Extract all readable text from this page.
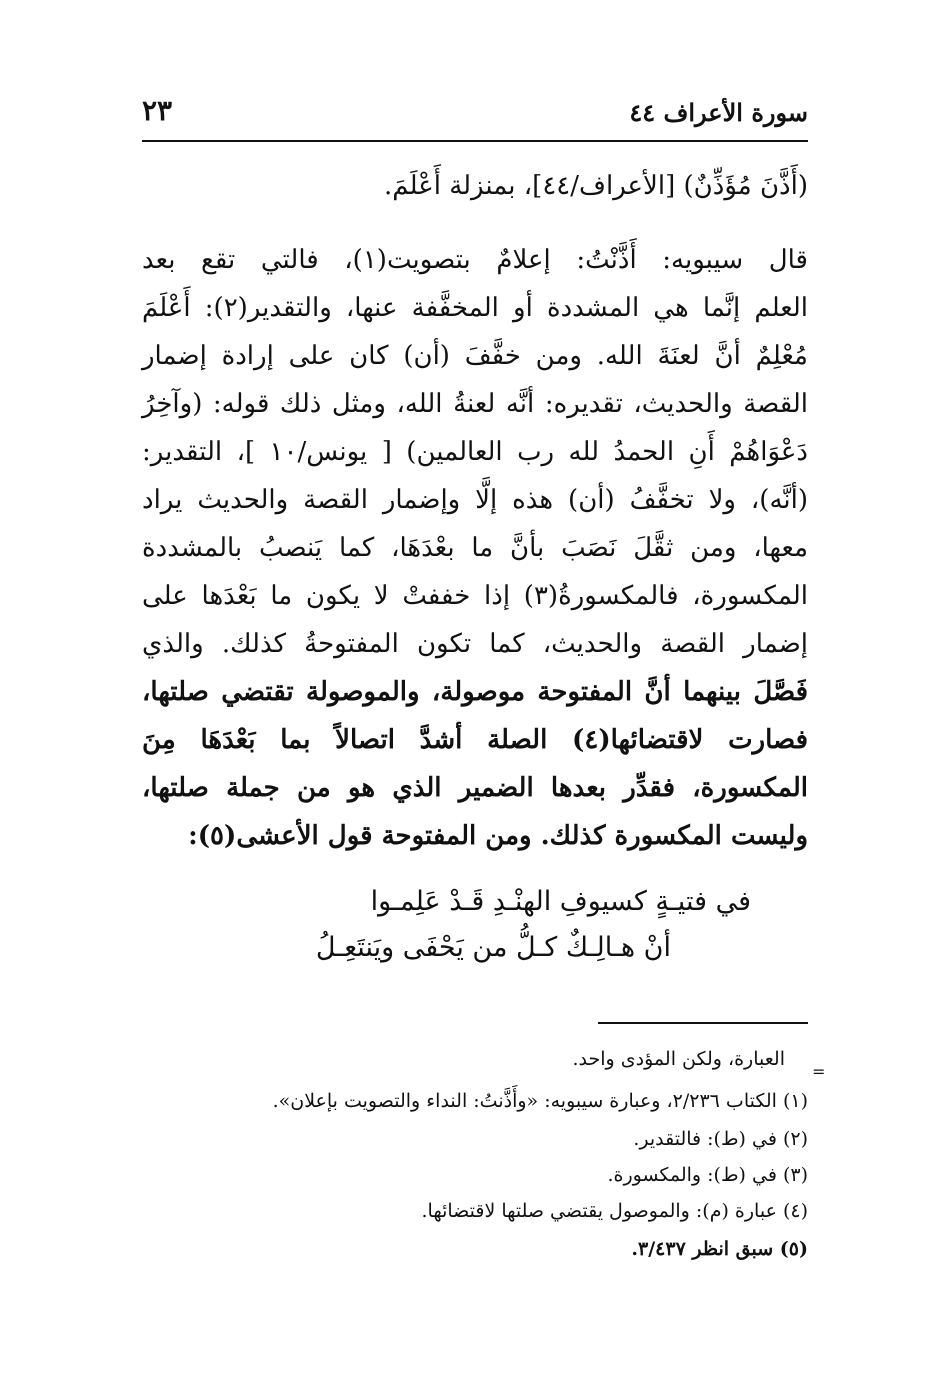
٢٣	سورة الأعراف ٤٤
(أَذَّنَ مُؤَذِّنٌ) [الأعراف/٤٤]، بمنزلة أَعْلَمَ.
قال سيبويه: أَذَّنْتُ: إعلامٌ بتصويت(١)، فالتي تقع بعد
العلم إنَّما هي المشددة أو المخفَّفة عنها، والتقدير(٢): أَعْلَمَ
مُعْلِمٌ أنَّ لعنَةَ الله. ومن خفَّفَ (أن) كان على إرادة إضمار
القصة والحديث، تقديره: أنَّه لعنةُ الله، ومثل ذلك قوله: (وآخِرُ
دَعْوَاهُمْ أَنِ الحمدُ لله رب العالمين) [ يونس/١٠ ]، التقدير:
(أنَّه)، ولا تخفَّفُ (أن) هذه إلَّا وإضمار القصة والحديث يراد
معها، ومن ثقَّلَ نَصَبَ بأنَّ ما بعْدَهَا، كما يَنصبُ بالمشددة
المكسورة، فالمكسورةُ(٣) إذا خففتْ لا يكون ما بَعْدَها على
إضمار القصة والحديث، كما تكون المفتوحةُ كذلك. والذي
فَصَّلَ بينهما أنَّ المفتوحة موصولة، والموصولة تقتضي صلتها،
فصارت لاقتضائها(٤) الصلة أشدَّ اتصالاً بما بَعْدَهَا مِنَ
المكسورة، فقدِّر بعدها الضمير الذي هو من جملة صلتها،
وليست المكسورة كذلك. ومن المفتوحة قول الأعشى(٥):
في فتيـةٍ كسيوفِ الهنْـدِ قَـدْ عَلِمـوا
أنْ هـالِـكٌ كـلُّ من يَحْفَى ويَنتَعِـلُ
=
العبارة، ولكن المؤدى واحد.
(١) الكتاب ٢/٢٣٦، وعبارة سيبويه: «وأَذَّنتُ: النداء والتصويت بإعلان».
(٢) في (ط): فالتقدير.
(٣) في (ط): والمكسورة.
(٤) عبارة (م): والموصول يقتضي صلتها لاقتضائها.
(٥) سبق انظر ٣/٤٣٧.
